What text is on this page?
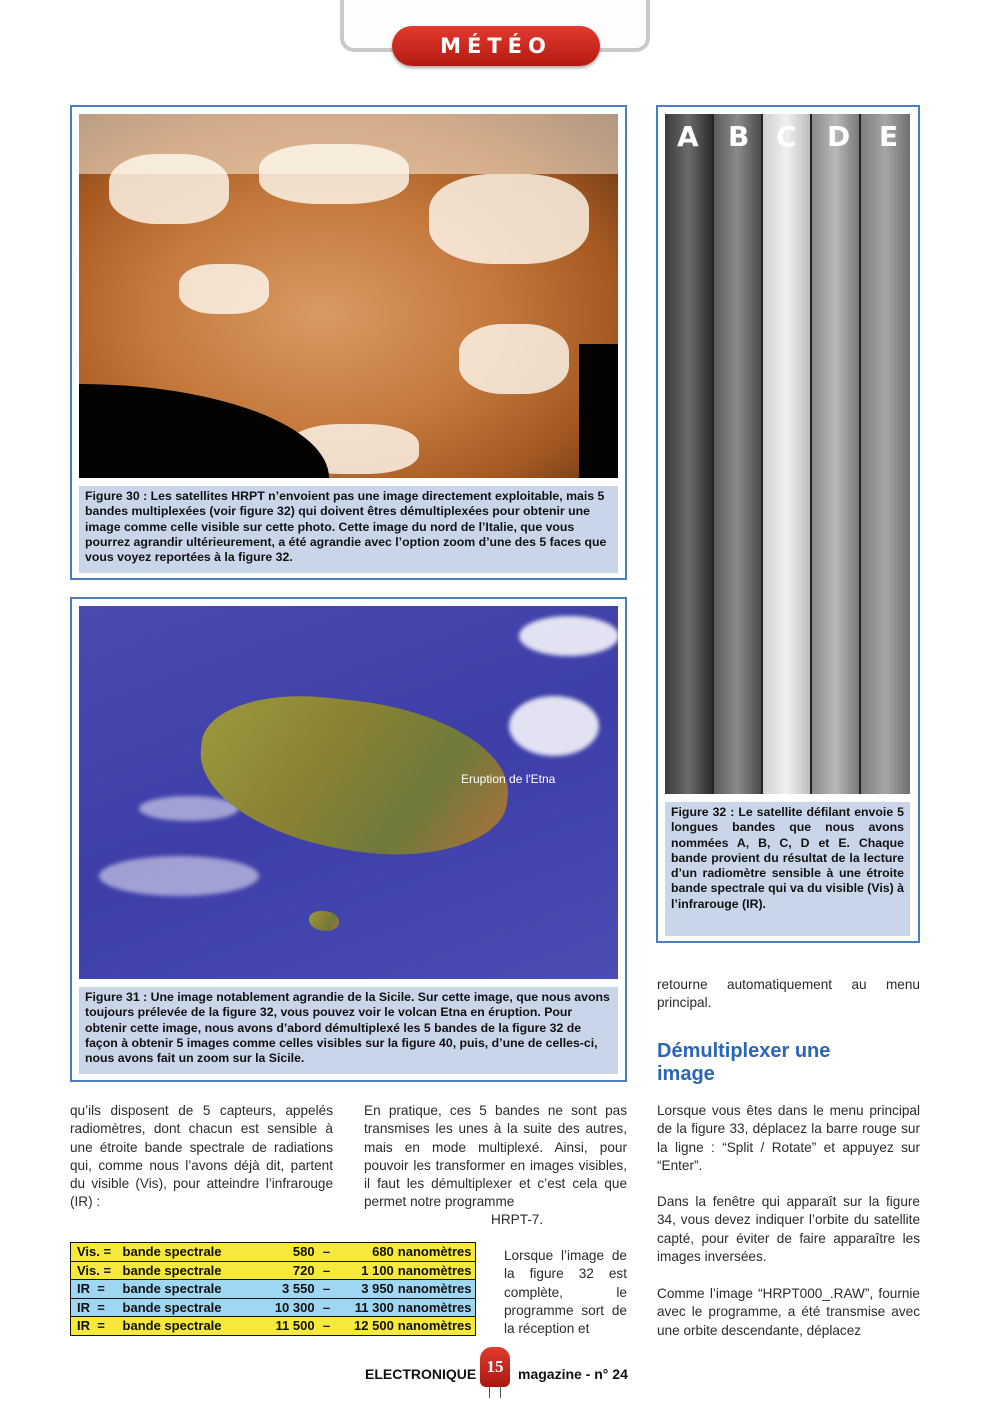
MÉTÉO
Figure 30 : Les satellites HRPT n’envoient pas une image directement exploitable, mais 5 bandes multiplexées (voir figure 32) qui doivent êtres démultiplexées pour obtenir une image comme celle visible sur cette photo. Cette image du nord de l’Italie, que vous pourrez agrandir ultérieurement, a été agrandie avec l’option zoom d’une des 5 faces que vous voyez reportées à la figure 32.
Eruption de l'Etna
Figure 31 : Une image notablement agrandie de la Sicile. Sur cette image, que nous avons toujours prélevée de la figure 32, vous pouvez voir le volcan Etna en éruption. Pour obtenir cette image, nous avons d’abord démultiplexé les 5 bandes de la figure 32 de façon à obtenir 5 images comme celles visibles sur la figure 40, puis, d’une de celles-ci, nous avons fait un zoom sur la Sicile.
A B C D E
Figure 32 : Le satellite défilant envoie 5 longues bandes que nous avons nommées A, B, C, D et E. Chaque bande provient du résultat de la lecture d’un radiomètre sensible à une étroite bande spectrale qui va du visible (Vis) à l’infrarouge (IR).
qu’ils disposent de 5 capteurs, appelés radiomètres, dont chacun est sensible à une étroite bande spectrale de radiations qui, comme nous l’avons déjà dit, partent du visible (Vis), pour atteindre l’infrarouge (IR) :
Vis. = bande spectrale	580 –	680 nanomètres
Vis. = bande spectrale	720 –	1 100 nanomètres
IR  =	bande spectrale	3 550 –	3 950 nanomètres
IR  =	bande spectrale	10 300 –	11 300 nanomètres
IR  =	bande spectrale	11 500 –	12 500 nanomètres
En pratique, ces 5 bandes ne sont pas transmises les unes à la suite des autres, mais en mode multiplexé. Ainsi, pour pouvoir les transformer en images visibles, il faut les démultiplexer et c’est cela que permet notre programme
HRPT-7.
Lorsque l’image de la figure 32 est complète, le programme sort de la réception et
retourne automatiquement au menu principal.
Démultiplexer une image
Lorsque vous êtes dans le menu principal de la figure 33, déplacez la barre rouge sur la ligne : “Split / Rotate” et appuyez sur “Enter”.
Dans la fenêtre qui apparaît sur la figure 34, vous devez indiquer l’orbite du satellite capté, pour éviter de faire apparaître les images inversées.
Comme l’image “HRPT000_.RAW”, fournie avec le programme, a été transmise avec une orbite descendante, déplacez
ELECTRONIQUE 15	magazine - n° 24
